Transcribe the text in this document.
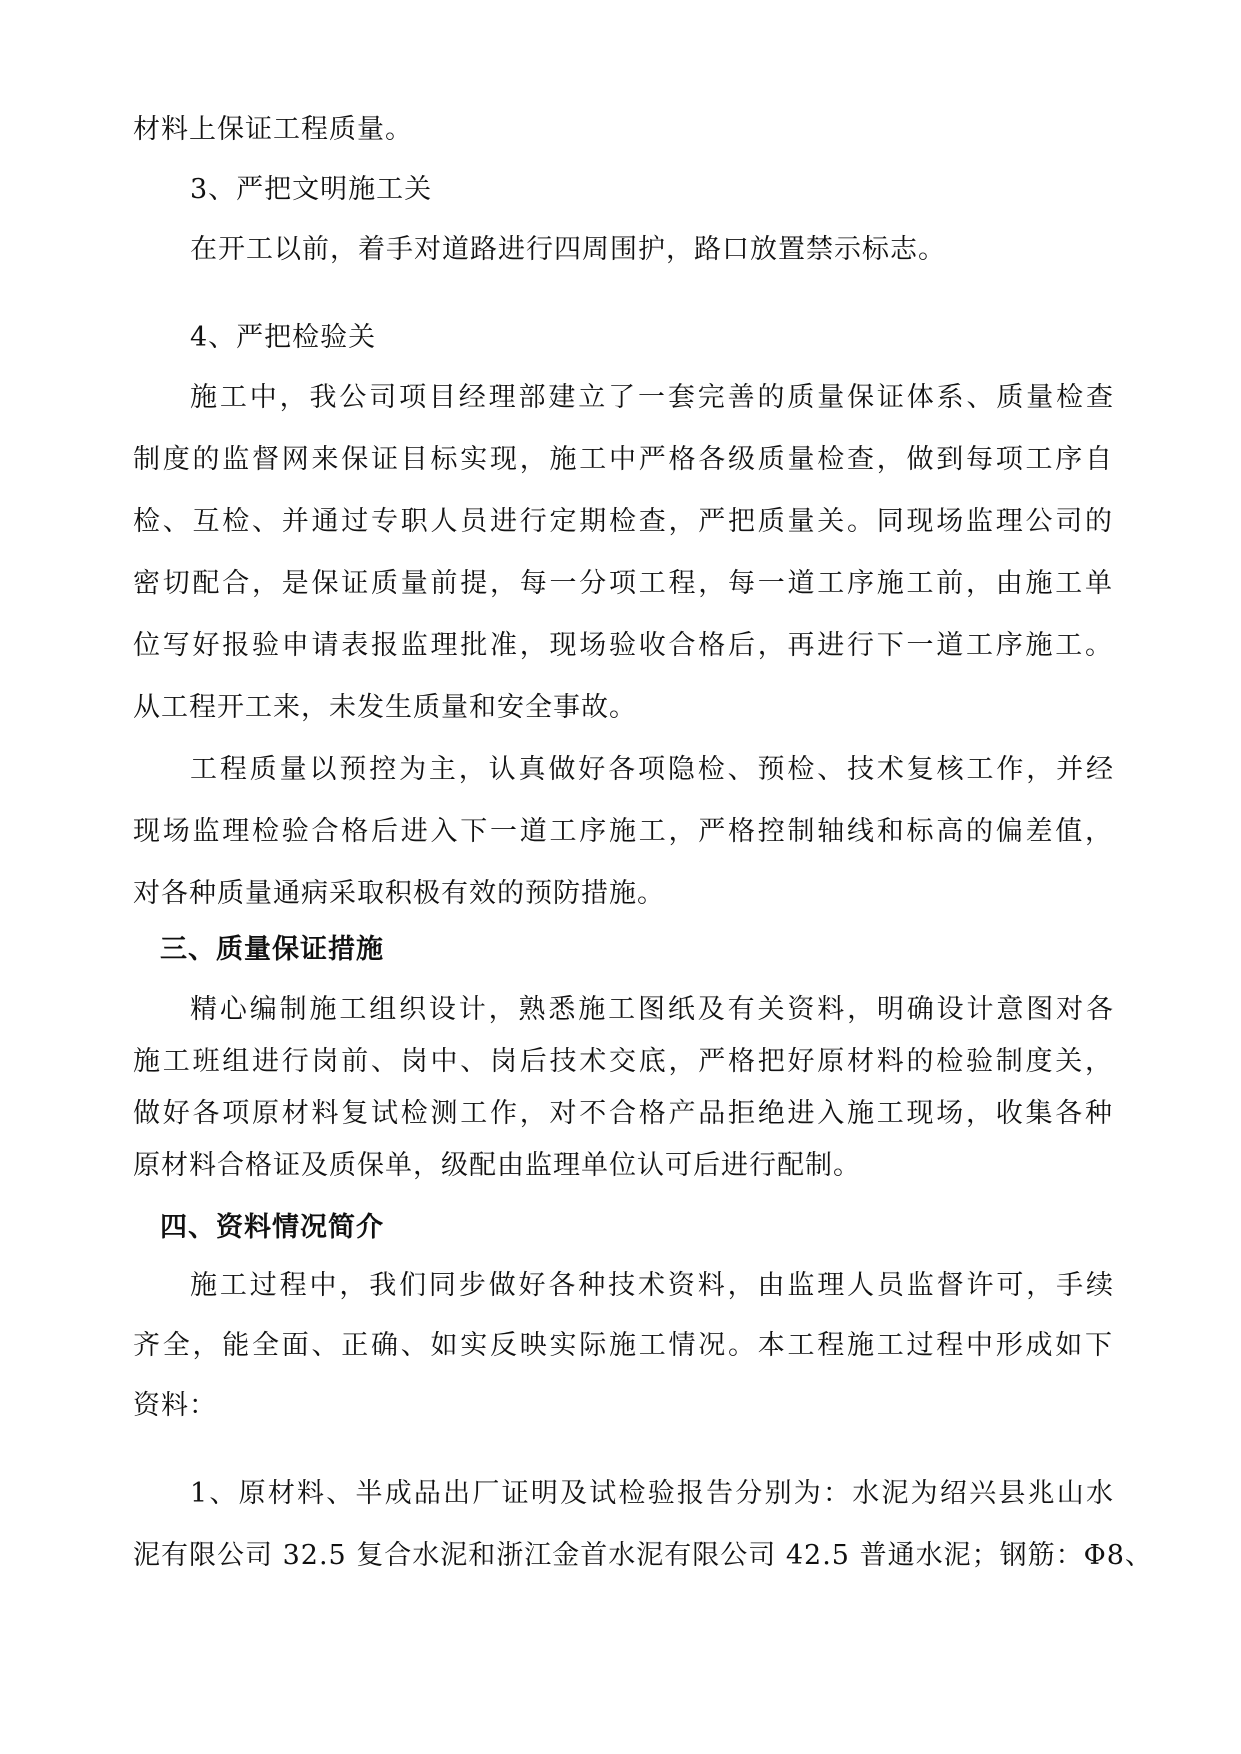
材料上保证工程质量。
3、严把文明施工关
在开工以前，着手对道路进行四周围护，路口放置禁示标志。
4、严把检验关
施工中，我公司项目经理部建立了一套完善的质量保证体系、质量检查
制度的监督网来保证目标实现，施工中严格各级质量检查，做到每项工序自
检、互检、并通过专职人员进行定期检查，严把质量关。同现场监理公司的
密切配合，是保证质量前提，每一分项工程，每一道工序施工前，由施工单
位写好报验申请表报监理批准，现场验收合格后，再进行下一道工序施工。
从工程开工来，未发生质量和安全事故。
工程质量以预控为主，认真做好各项隐检、预检、技术复核工作，并经
现场监理检验合格后进入下一道工序施工，严格控制轴线和标高的偏差值，
对各种质量通病采取积极有效的预防措施。
三、质量保证措施
精心编制施工组织设计，熟悉施工图纸及有关资料，明确设计意图对各
施工班组进行岗前、岗中、岗后技术交底，严格把好原材料的检验制度关，
做好各项原材料复试检测工作，对不合格产品拒绝进入施工现场，收集各种
原材料合格证及质保单，级配由监理单位认可后进行配制。
四、资料情况简介
施工过程中，我们同步做好各种技术资料，由监理人员监督许可，手续
齐全，能全面、正确、如实反映实际施工情况。本工程施工过程中形成如下
资料：
1、原材料、半成品出厂证明及试检验报告分别为：水泥为绍兴县兆山水
泥有限公司 32.5 复合水泥和浙江金首水泥有限公司 42.5 普通水泥；钢筋：Φ8、
